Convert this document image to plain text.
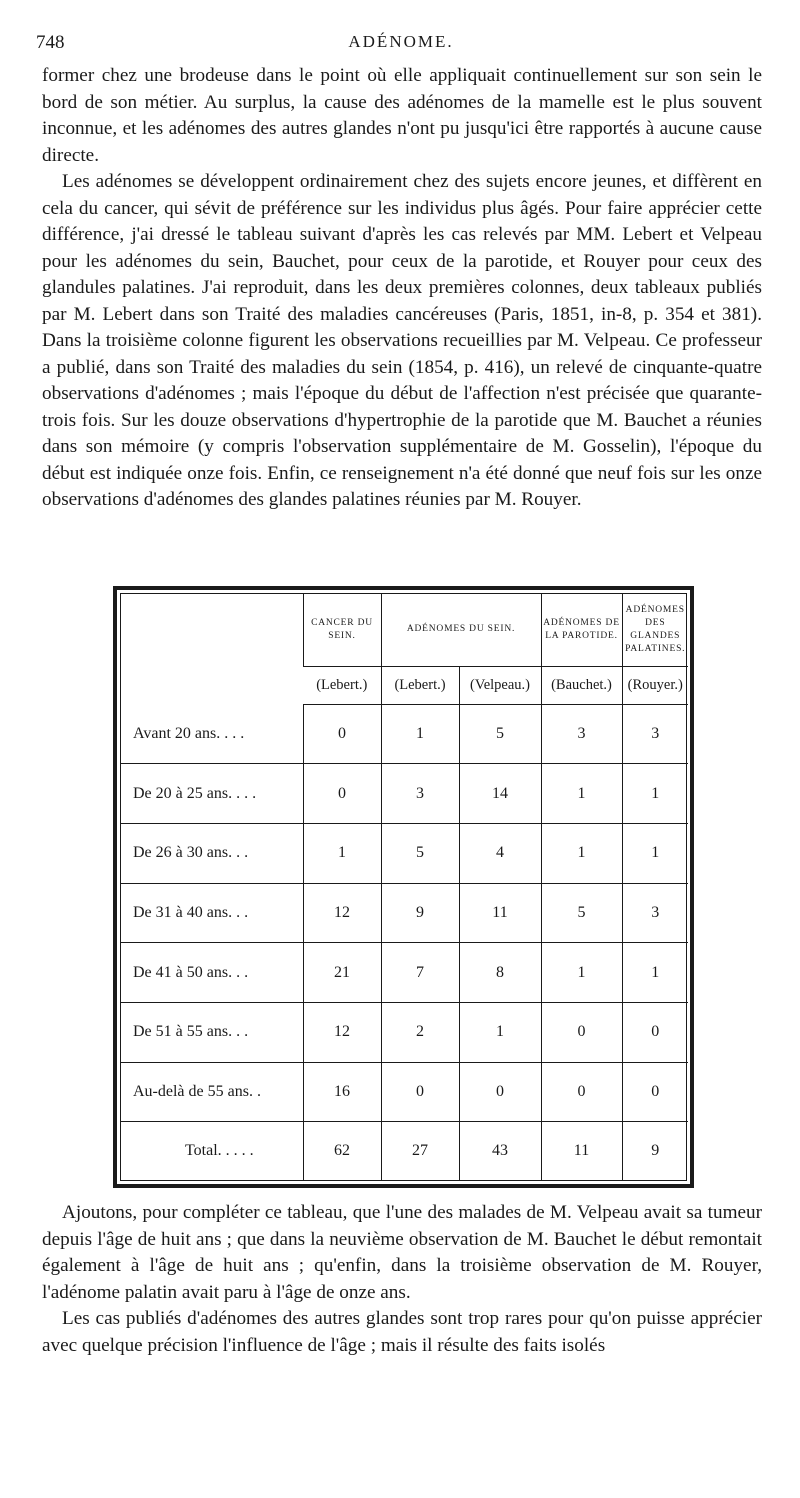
748	ADÉNOME.

former chez une brodeuse dans le point où elle appliquait continuellement sur son sein le bord de son métier. Au surplus, la cause des adénomes de la mamelle est le plus souvent inconnue, et les adénomes des autres glandes n'ont pu jusqu'ici être rapportés à aucune cause directe.

Les adénomes se développent ordinairement chez des sujets encore jeunes, et diffèrent en cela du cancer, qui sévit de préférence sur les individus plus âgés. Pour faire apprécier cette différence, j'ai dressé le tableau suivant d'après les cas relevés par MM. Lebert et Velpeau pour les adénomes du sein, Bauchet, pour ceux de la parotide, et Rouyer pour ceux des glandules palatines. J'ai reproduit, dans les deux premières colonnes, deux tableaux publiés par M. Lebert dans son Traité des maladies cancéreuses (Paris, 1851, in-8, p. 354 et 381). Dans la troisième colonne figurent les observations recueillies par M. Velpeau. Ce professeur a publié, dans son Traité des maladies du sein (1854, p. 416), un relevé de cinquante-quatre observations d'adénomes ; mais l'époque du début de l'affection n'est précisée que quarante-trois fois. Sur les douze observations d'hypertrophie de la parotide que M. Bauchet a réunies dans son mémoire (y compris l'observation supplémentaire de M. Gosselin), l'époque du début est indiquée onze fois. Enfin, ce renseignement n'a été donné que neuf fois sur les onze observations d'adénomes des glandes palatines réunies par M. Rouyer.

	CANCER DU SEIN.	ADÉNOMES DU SEIN.		ADÉNOMES DE LA PAROTIDE.	ADÉNOMES DES GLANDES PALATINES.
	(Lebert.)	(Lebert.)	(Velpeau.)	(Bauchet.)	(Rouyer.)
Avant 20 ans. . . .	0	1	5	3	3
De 20 à 25 ans. . . .	0	3	14	1	1
De 26 à 30 ans. . .	1	5	4	1	1
De 31 à 40 ans. . .	12	9	11	5	3
De 41 à 50 ans. . .	21	7	8	1	1
De 51 à 55 ans. . .	12	2	1	0	0
Au-delà de 55 ans. .	16	0	0	0	0
Total. . . . .	62	27	43	11	9

Ajoutons, pour compléter ce tableau, que l'une des malades de M. Velpeau avait sa tumeur depuis l'âge de huit ans ; que dans la neuvième observation de M. Bauchet le début remontait également à l'âge de huit ans ; qu'enfin, dans la troisième observation de M. Rouyer, l'adénome palatin avait paru à l'âge de onze ans.

Les cas publiés d'adénomes des autres glandes sont trop rares pour qu'on puisse apprécier avec quelque précision l'influence de l'âge ; mais il résulte des faits isolés
